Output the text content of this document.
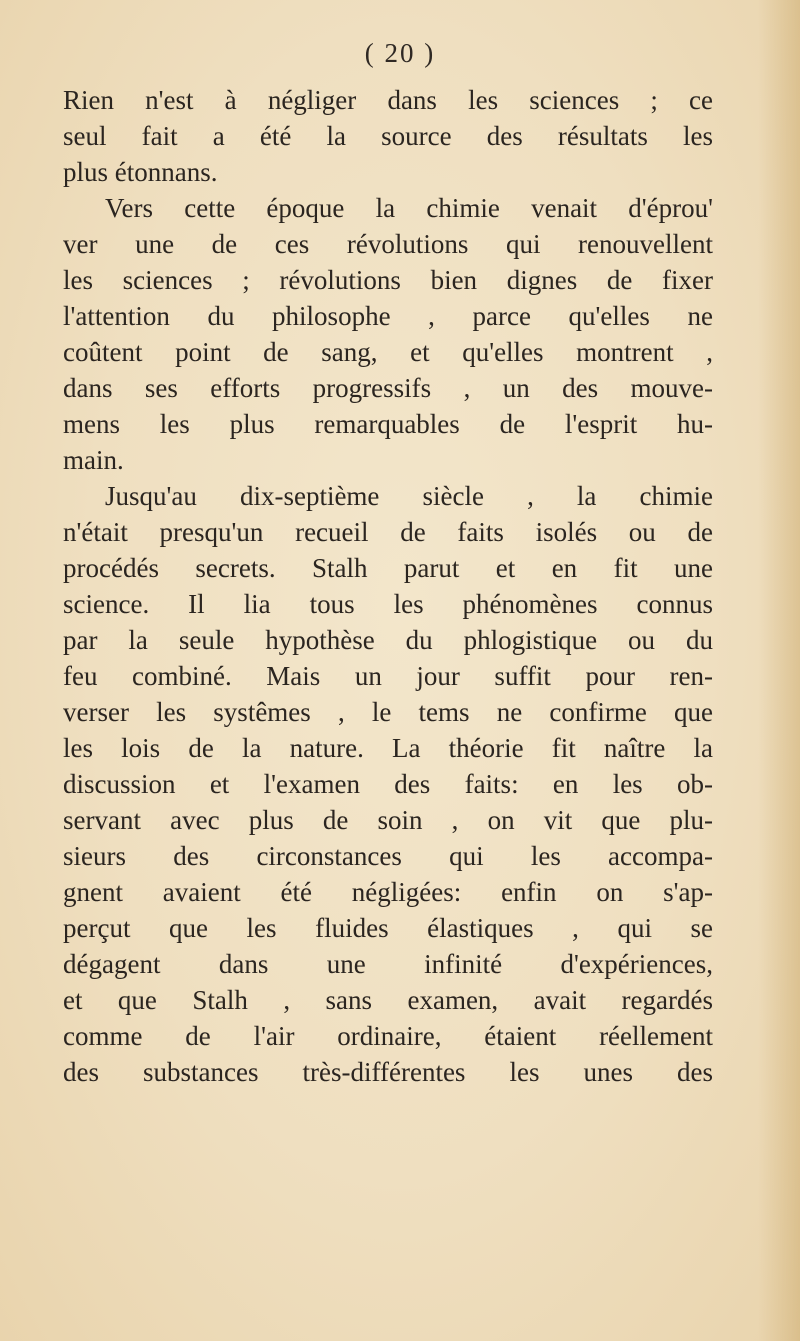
( 20 )
Rien n'est à négliger dans les sciences ; ce
seul fait a été la source des résultats les
plus étonnans.
Vers cette époque la chimie venait d'éprou'
ver une de ces révolutions qui renouvellent
les sciences ; révolutions bien dignes de fixer
l'attention du philosophe , parce qu'elles ne
coûtent point de sang, et qu'elles montrent ,
dans ses efforts progressifs , un des mouve-
mens les plus remarquables de l'esprit hu-
main.
Jusqu'au dix-septième siècle , la chimie
n'était presqu'un recueil de faits isolés ou de
procédés secrets. Stalh parut et en fit une
science. Il lia tous les phénomènes connus
par la seule hypothèse du phlogistique ou du
feu combiné. Mais un jour suffit pour ren-
verser les systêmes , le tems ne confirme que
les lois de la nature. La théorie fit naître la
discussion et l'examen des faits: en les ob-
servant avec plus de soin , on vit que plu-
sieurs des circonstances qui les accompa-
gnent avaient été négligées: enfin on s'ap-
perçut que les fluides élastiques , qui se
dégagent dans une infinité d'expériences,
et que Stalh , sans examen, avait regardés
comme de l'air ordinaire, étaient réellement
des substances très-différentes les unes des
